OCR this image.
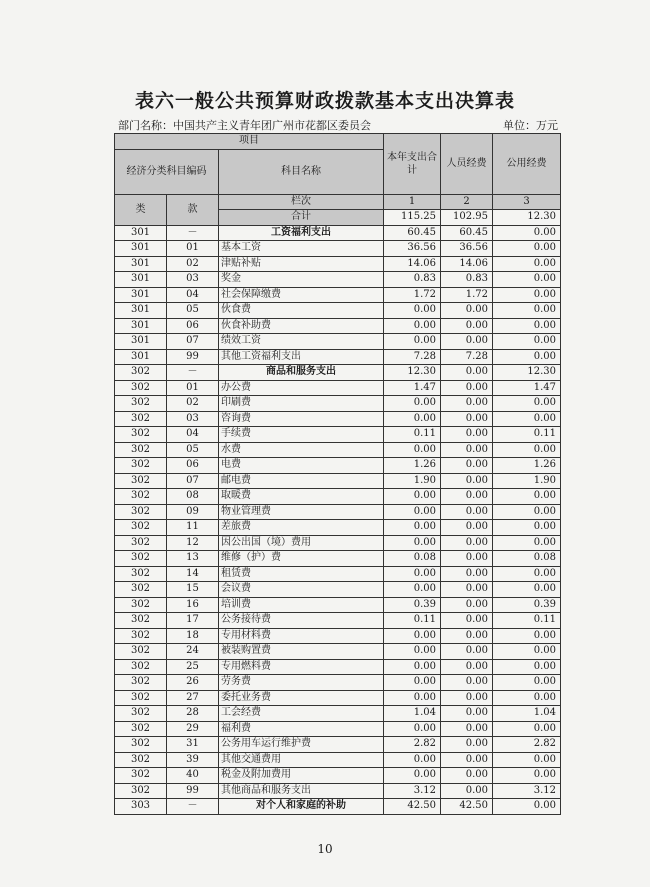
表六一般公共预算财政拨款基本支出决算表
部门名称：中国共产主义青年团广州市花都区委员会	单位：万元
项目			本年支出合计	人员经费	公用经费
经济分类科目编码		科目名称			

类	款	栏次	1	2	3
		合计	115.25	102.95	12.30
301	－	工资福利支出	60.45	60.45	0.00
301	01	基本工资	36.56	36.56	0.00
301	02	津贴补贴	14.06	14.06	0.00
301	03	奖金	0.83	0.83	0.00
301	04	社会保障缴费	1.72	1.72	0.00
301	05	伙食费	0.00	0.00	0.00
301	06	伙食补助费	0.00	0.00	0.00
301	07	绩效工资	0.00	0.00	0.00
301	99	其他工资福利支出	7.28	7.28	0.00
302	－	商品和服务支出	12.30	0.00	12.30
302	01	办公费	1.47	0.00	1.47
302	02	印刷费	0.00	0.00	0.00
302	03	咨询费	0.00	0.00	0.00
302	04	手续费	0.11	0.00	0.11
302	05	水费	0.00	0.00	0.00
302	06	电费	1.26	0.00	1.26
302	07	邮电费	1.90	0.00	1.90
302	08	取暖费	0.00	0.00	0.00
302	09	物业管理费	0.00	0.00	0.00
302	11	差旅费	0.00	0.00	0.00
302	12	因公出国（境）费用	0.00	0.00	0.00
302	13	维修（护）费	0.08	0.00	0.08
302	14	租赁费	0.00	0.00	0.00
302	15	会议费	0.00	0.00	0.00
302	16	培训费	0.39	0.00	0.39
302	17	公务接待费	0.11	0.00	0.11
302	18	专用材料费	0.00	0.00	0.00
302	24	被装购置费	0.00	0.00	0.00
302	25	专用燃料费	0.00	0.00	0.00
302	26	劳务费	0.00	0.00	0.00
302	27	委托业务费	0.00	0.00	0.00
302	28	工会经费	1.04	0.00	1.04
302	29	福利费	0.00	0.00	0.00
302	31	公务用车运行维护费	2.82	0.00	2.82
302	39	其他交通费用	0.00	0.00	0.00
302	40	税金及附加费用	0.00	0.00	0.00
302	99	其他商品和服务支出	3.12	0.00	3.12
303	－	对个人和家庭的补助	42.50	42.50	0.00
10
